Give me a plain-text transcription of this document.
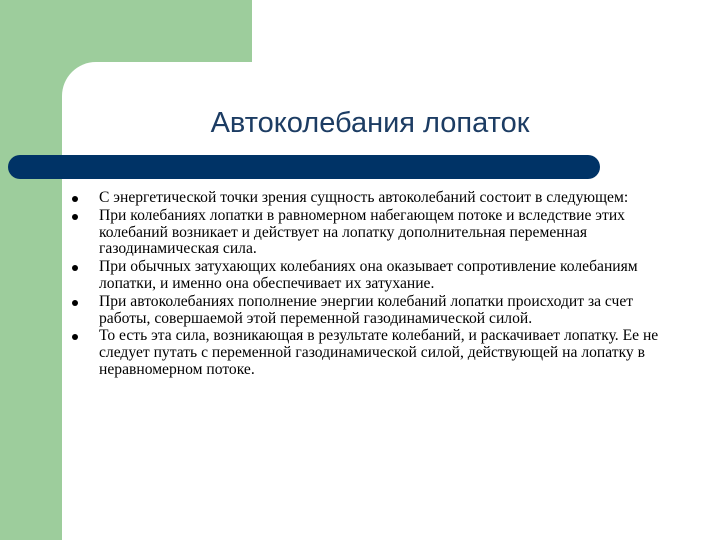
Автоколебания лопаток
С энергетической точки зрения сущность автоколебаний состоит в следующем:
При колебаниях лопатки в равномерном набегающем потоке и вследствие этих колебаний возникает и действует на лопатку дополнительная переменная газодинамическая сила.
При обычных затухающих колебаниях она оказывает сопротивление колебаниям лопатки, и именно она обеспечивает их затухание.
При автоколебаниях пополнение энергии колебаний лопатки происходит за счет работы, совершаемой этой переменной газодинамической силой.
То есть эта сила, возникающая в результате колебаний, и раскачивает лопатку. Ее не следует путать с переменной газодинамической силой, действующей на лопатку в неравномерном потоке.
